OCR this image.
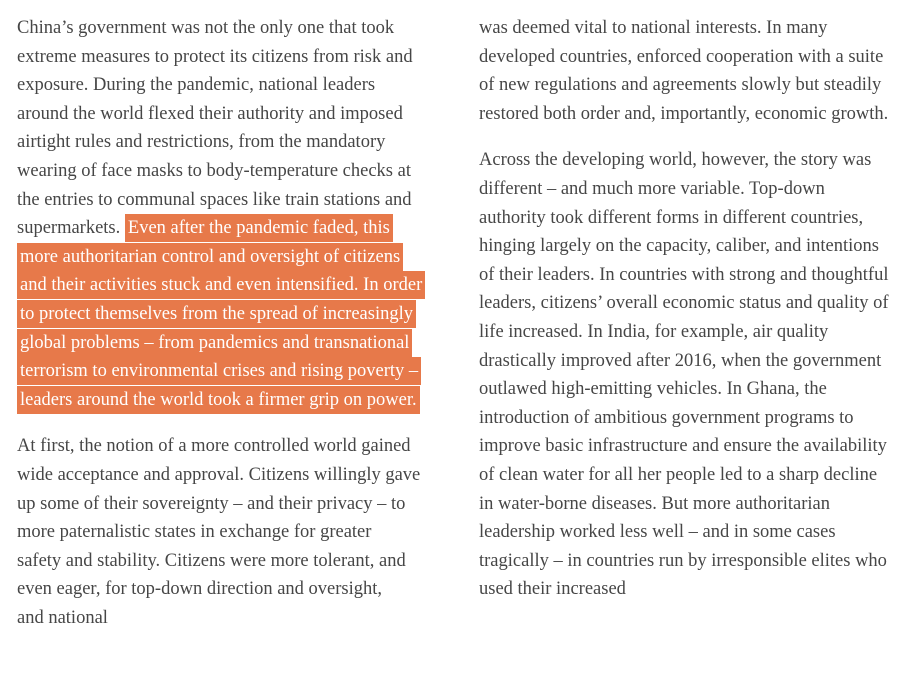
China’s government was not the only one that took extreme measures to protect its citizens from risk and exposure. During the pandemic, national leaders around the world flexed their authority and imposed airtight rules and restrictions, from the mandatory wearing of face masks to body-temperature checks at the entries to communal spaces like train stations and supermarkets. Even after the pandemic faded, this more authoritarian control and oversight of citizens and their activities stuck and even intensified. In order to protect themselves from the spread of increasingly global problems – from pandemics and transnational terrorism to environmental crises and rising poverty – leaders around the world took a firmer grip on power.

At first, the notion of a more controlled world gained wide acceptance and approval. Citizens willingly gave up some of their sovereignty – and their privacy – to more paternalistic states in exchange for greater safety and stability. Citizens were more tolerant, and even eager, for top-down direction and oversight, and national

was deemed vital to national interests. In many developed countries, enforced cooperation with a suite of new regulations and agreements slowly but steadily restored both order and, importantly, economic growth.

Across the developing world, however, the story was different – and much more variable. Top-down authority took different forms in different countries, hinging largely on the capacity, caliber, and intentions of their leaders. In countries with strong and thoughtful leaders, citizens’ overall economic status and quality of life increased. In India, for example, air quality drastically improved after 2016, when the government outlawed high-emitting vehicles. In Ghana, the introduction of ambitious government programs to improve basic infrastructure and ensure the availability of clean water for all her people led to a sharp decline in water-borne diseases. But more authoritarian leadership worked less well – and in some cases tragically – in countries run by irresponsible elites who used their increased
